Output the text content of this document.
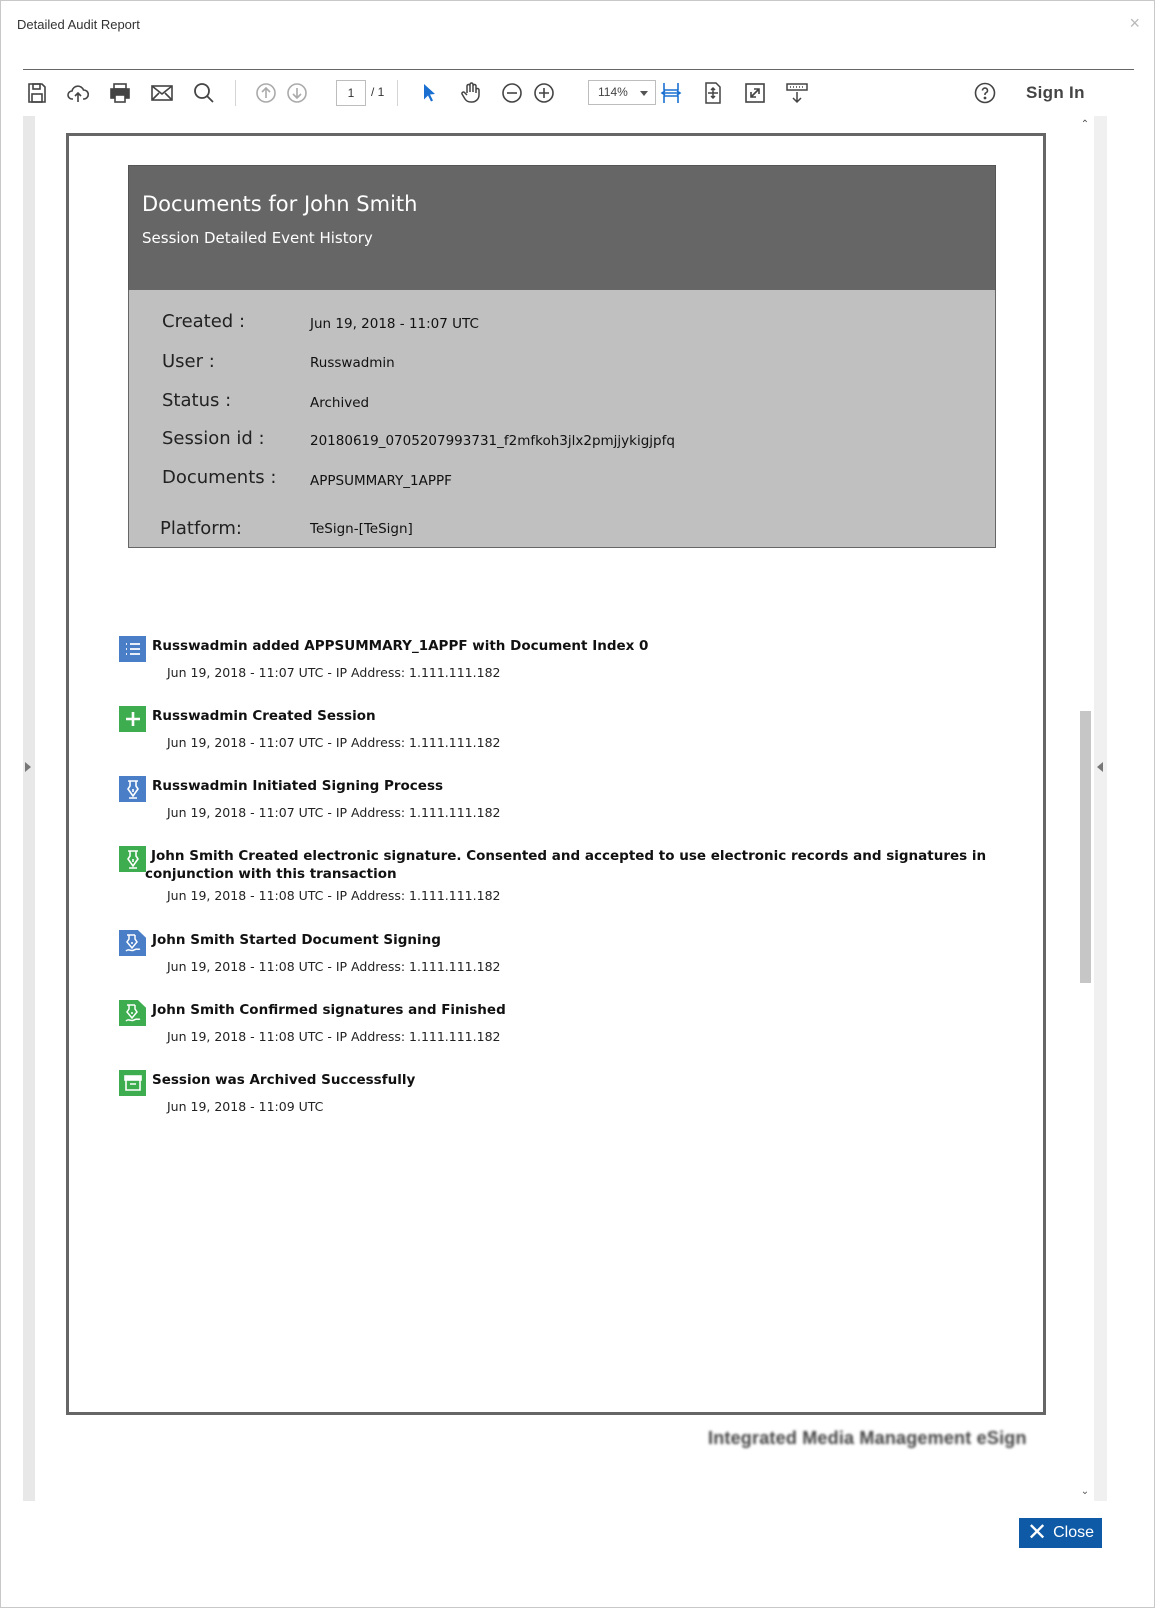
Detailed Audit Report	×
1	/ 1	114%	Sign In
Documents for John Smith
Session Detailed Event History
Created :	Jun 19, 2018 - 11:07 UTC
User :	Russwadmin
Status :	Archived
Session id :	20180619_0705207993731_f2mfkoh3jlx2pmjjykigjpfq
Documents : APPSUMMARY_1APPF
Platform:	TeSign-[TeSign]
Russwadmin added APPSUMMARY_1APPF with Document Index 0
Jun 19, 2018 - 11:07 UTC - IP Address: 1.111.111.182
Russwadmin Created Session
Jun 19, 2018 - 11:07 UTC - IP Address: 1.111.111.182
Russwadmin Initiated Signing Process
Jun 19, 2018 - 11:07 UTC - IP Address: 1.111.111.182
John Smith Created electronic signature. Consented and accepted to use electronic records and signatures in conjunction with this transaction
Jun 19, 2018 - 11:08 UTC - IP Address: 1.111.111.182
John Smith Started Document Signing
Jun 19, 2018 - 11:08 UTC - IP Address: 1.111.111.182
John Smith Confirmed signatures and Finished
Jun 19, 2018 - 11:08 UTC - IP Address: 1.111.111.182
Session was Archived Successfully
Jun 19, 2018 - 11:09 UTC
Integrated Media Management eSign
⌃
⌄
✕ Close
